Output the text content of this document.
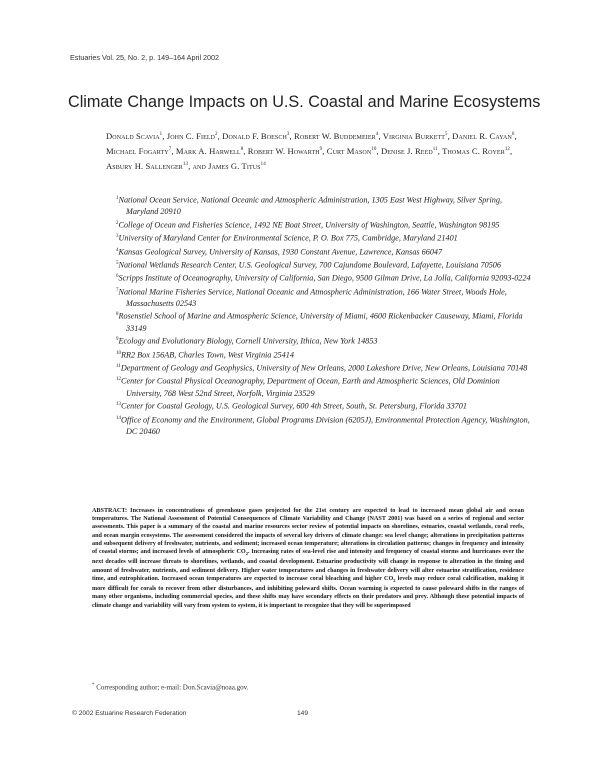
Estuaries Vol. 25, No. 2, p. 149–164 April 2002
Climate Change Impacts on U.S. Coastal and Marine Ecosystems
Donald Scavia$^1$, John C. Field$^2$, Donald F. Boesch$^3$, Robert W. Buddemeier$^4$, Virginia Burkett$^5$, Daniel R. Cayan$^6$, Michael Fogarty$^7$, Mark A. Harwell$^8$, Robert W. Howarth$^9$, Curt Mason$^{10}$, Denise J. Reed$^{11}$, Thomas C. Royer$^{12}$, Asbury H. Sallenger$^{13}$, and James G. Titus$^{14}$

$^1$National Ocean Service, National Oceanic and Atmospheric Administration, 1305 East West Highway, Silver Spring, Maryland 20910

$^2$College of Ocean and Fisheries Science, 1492 NE Boat Street, University of Washington, Seattle, Washington 98195

$^3$University of Maryland Center for Environmental Science, P. O. Box 775, Cambridge, Maryland 21401

$^4$Kansas Geological Survey, University of Kansas, 1930 Constant Avenue, Lawrence, Kansas 66047

$^5$National Wetlands Research Center, U.S. Geological Survey, 700 Cajundome Boulevard, Lafayette, Louisiana 70506

$^6$Scripps Institute of Oceanography, University of California, San Diego, 9500 Gilman Drive, La Jolla, California 92093-0224

$^7$National Marine Fisheries Service, National Oceanic and Atmospheric Administration, 166 Water Street, Woods Hole, Massachusetts 02543

$^8$Rosenstiel School of Marine and Atmospheric Science, University of Miami, 4600 Rickenbacker Causeway, Miami, Florida 33149

$^9$Ecology and Evolutionary Biology, Cornell University, Ithica, New York 14853

$^{10}$RR2 Box 156AB, Charles Town, West Virginia 25414

$^{11}$Department of Geology and Geophysics, University of New Orleans, 2000 Lakeshore Drive, New Orleans, Louisiana 70148

$^{12}$Center for Coastal Physical Oceanography, Department of Ocean, Earth and Atmospheric Sciences, Old Dominion University, 768 West 52nd Street, Norfolk, Virginia 23529

$^{13}$Center for Coastal Geology, U.S. Geological Survey, 600 4th Street, South, St. Petersburg, Florida 33701

$^{14}$Office of Economy and the Environment, Global Programs Division (6205J), Environmental Protection Agency, Washington, DC 20460

ABSTRACT: Increases in concentrations of greenhouse gases projected for the 21st century are expected to lead to increased mean global air and ocean temperatures. The National Assessment of Potential Consequences of Climate Variability and Change (NAST 2001) was based on a series of regional and sector assessments. This paper is a summary of the coastal and marine resources sector review of potential impacts on shorelines, estuaries, coastal wetlands, coral reefs, and ocean margin ecosystems. The assessment considered the impacts of several key drivers of climate change: sea level change; alterations in precipitation patterns and subsequent delivery of freshwater, nutrients, and sediment; increased ocean temperature; alterations in circulation patterns; changes in frequency and intensity of coastal storms; and increased levels of atmospheric $CO_2$. Increasing rates of sea-level rise and intensity and frequency of coastal storms and hurricanes over the next decades will increase threats to shorelines, wetlands, and coastal development. Estuarine productivity will change in response to alteration in the timing and amount of freshwater, nutrients, and sediment delivery. Higher water temperatures and changes in freshwater delivery will alter estuarine stratification, residence time, and eutrophication. Increased ocean temperatures are expected to increase coral bleaching and higher $CO_2$ levels may reduce coral calcification, making it more difficult for corals to recover from other disturbances, and inhibiting poleward shifts. Ocean warming is expected to cause poleward shifts in the ranges of many other organisms, including commercial species, and these shifts may have secondary effects on their predators and prey. Although these potential impacts of climate change and variability will vary from system to system, it is important to recognize that they will be superimposed
* Corresponding author; e-mail: Don.Scavia@noaa.gov.
© 2002 Estuarine Research Federation	149
